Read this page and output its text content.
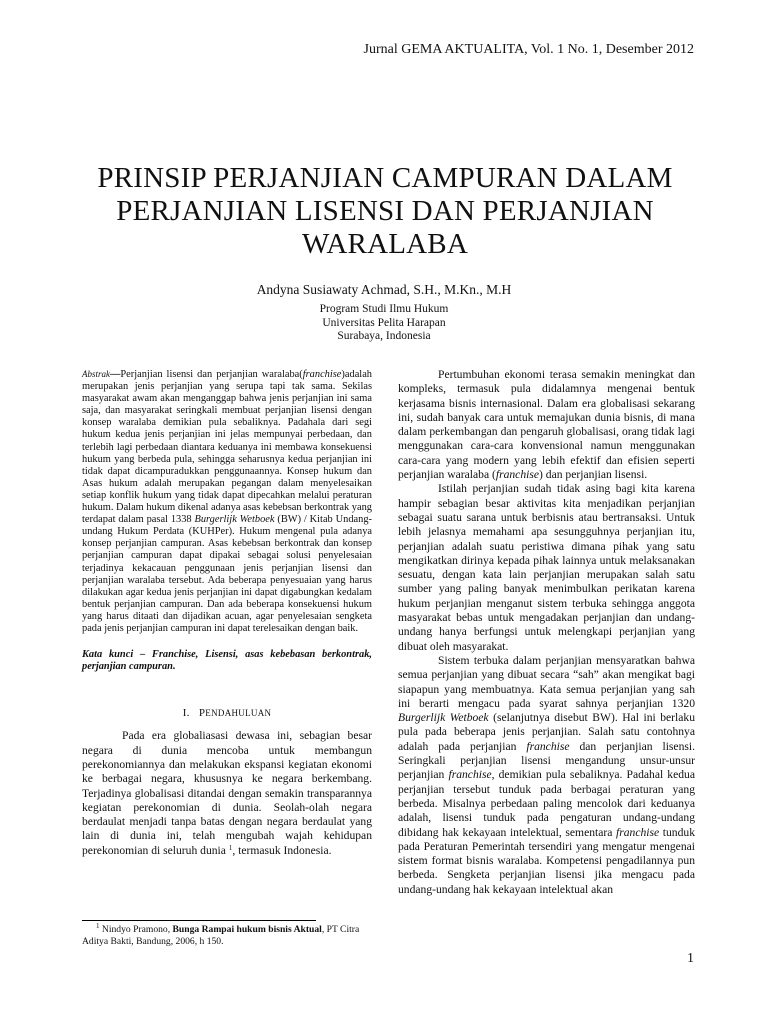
Jurnal GEMA AKTUALITA, Vol. 1 No. 1, Desember 2012
PRINSIP PERJANJIAN CAMPURAN DALAM PERJANJIAN LISENSI DAN PERJANJIAN WARALABA
Andyna Susiawaty Achmad, S.H., M.Kn., M.H
Program Studi Ilmu Hukum
Universitas Pelita Harapan
Surabaya, Indonesia

Abstrak—Perjanjian lisensi dan perjanjian waralaba(franchise)adalah merupakan jenis perjanjian yang serupa tapi tak sama. Sekilas masyarakat awam akan menganggap bahwa jenis perjanjian ini sama saja, dan masyarakat seringkali membuat perjanjian lisensi dengan konsep waralaba demikian pula sebaliknya. Padahala dari segi hukum kedua jenis perjanjian ini jelas mempunyai perbedaan, dan terlebih lagi perbedaan diantara keduanya ini membawa konsekuensi hukum yang berbeda pula, sehingga seharusnya kedua perjanjian ini tidak dapat dicampuradukkan penggunaannya. Konsep hukum dan Asas hukum adalah merupakan pegangan dalam menyelesaikan setiap konflik hukum yang tidak dapat dipecahkan melalui peraturan hukum. Dalam hukum dikenal adanya asas kebebsan berkontrak yang terdapat dalam pasal 1338 Burgerlijk Wetboek (BW) / Kitab Undang-undang Hukum Perdata (KUHPer). Hukum mengenal pula adanya konsep perjanjian campuran. Asas kebebsan berkontrak dan konsep perjanjian campuran dapat dipakai sebagai solusi penyelesaian terjadinya kekacauan penggunaan jenis perjanjian lisensi dan perjanjian waralaba tersebut. Ada beberapa penyesuaian yang harus dilakukan agar kedua jenis perjanjian ini dapat digabungkan kedalam bentuk perjanjian campuran. Dan ada beberapa konsekuensi hukum yang harus ditaati dan dijadikan acuan, agar penyelesaian sengketa pada jenis perjanjian campuran ini dapat terelesaikan dengan baik.

Kata kunci – Franchise, Lisensi, asas kebebasan berkontrak, perjanjian campuran.

I. PENDAHULUAN

Pada era globaliasasi dewasa ini, sebagian besar negara di dunia mencoba untuk membangun perekonomiannya dan melakukan ekspansi kegiatan ekonomi ke berbagai negara, khususnya ke negara berkembang. Terjadinya globalisasi ditandai dengan semakin transparannya kegiatan perekonomian di dunia. Seolah-olah negara berdaulat menjadi tanpa batas dengan negara berdaulat yang lain di dunia ini, telah mengubah wajah kehidupan perekonomian di seluruh dunia $^1$, termasuk Indonesia.

$^1$ Nindyo Pramono, Bunga Rampai hukum bisnis Aktual, PT Citra Aditya Bakti, Bandung, 2006, h 150.

Pertumbuhan ekonomi terasa semakin meningkat dan kompleks, termasuk pula didalamnya mengenai bentuk kerjasama bisnis internasional. Dalam era globalisasi sekarang ini, sudah banyak cara untuk memajukan dunia bisnis, di mana dalam perkembangan dan pengaruh globalisasi, orang tidak lagi menggunakan cara-cara konvensional namun menggunakan cara-cara yang modern yang lebih efektif dan efisien seperti perjanjian waralaba (franchise) dan perjanjian lisensi.

Istilah perjanjian sudah tidak asing bagi kita karena hampir sebagian besar aktivitas kita menjadikan perjanjian sebagai suatu sarana untuk berbisnis atau bertransaksi. Untuk lebih jelasnya memahami apa sesungguhnya perjanjian itu, perjanjian adalah suatu peristiwa dimana pihak yang satu mengikatkan dirinya kepada pihak lainnya untuk melaksanakan sesuatu, dengan kata lain perjanjian merupakan salah satu sumber yang paling banyak menimbulkan perikatan karena hukum perjanjian menganut sistem terbuka sehingga anggota masyarakat bebas untuk mengadakan perjanjian dan undang-undang hanya berfungsi untuk melengkapi perjanjian yang dibuat oleh masyarakat.

Sistem terbuka dalam perjanjian mensyaratkan bahwa semua perjanjian yang dibuat secara “sah” akan mengikat bagi siapapun yang membuatnya. Kata semua perjanjian yang sah ini berarti mengacu pada syarat sahnya perjanjian 1320 Burgerlijk Wetboek (selanjutnya disebut BW). Hal ini berlaku pula pada beberapa jenis perjanjian. Salah satu contohnya adalah pada perjanjian franchise dan perjanjian lisensi. Seringkali perjanjian lisensi mengandung unsur-unsur perjanjian franchise, demikian pula sebaliknya. Padahal kedua perjanjian tersebut tunduk pada berbagai peraturan yang berbeda. Misalnya perbedaan paling mencolok dari keduanya adalah, lisensi tunduk pada pengaturan undang-undang dibidang hak kekayaan intelektual, sementara franchise tunduk pada Peraturan Pemerintah tersendiri yang mengatur mengenai sistem format bisnis waralaba. Kompetensi pengadilannya pun berbeda. Sengketa perjanjian lisensi jika mengacu pada undang-undang hak kekayaan intelektual akan

1
